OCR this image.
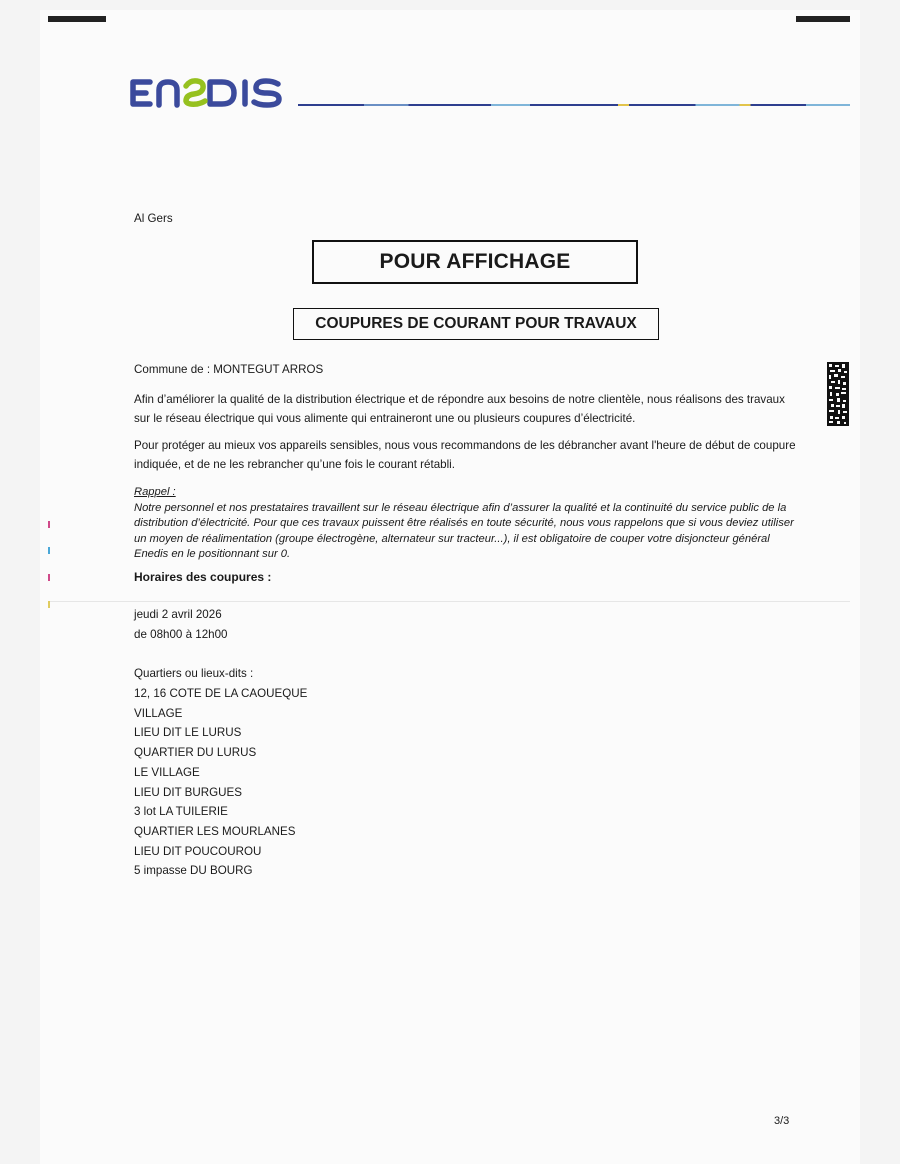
Al Gers
POUR AFFICHAGE
COUPURES DE COURANT POUR TRAVAUX
Commune de : MONTEGUT ARROS
Afin d’améliorer la qualité de la distribution électrique et de répondre aux besoins de notre clientèle, nous réalisons des travaux sur le réseau électrique qui vous alimente qui entraineront une ou plusieurs coupures d’électricité.
Pour protéger au mieux vos appareils sensibles, nous vous recommandons de les débrancher avant l'heure de début de coupure indiquée, et de ne les rebrancher qu’une fois le courant rétabli.
Rappel :
Notre personnel et nos prestataires travaillent sur le réseau électrique afin d’assurer la qualité et la continuité du service public de la distribution d’électricité. Pour que ces travaux puissent être réalisés en toute sécurité, nous vous rappelons que si vous deviez utiliser un moyen de réalimentation (groupe électrogène, alternateur sur tracteur...), il est obligatoire de couper votre disjoncteur général Enedis en le positionnant sur 0.
Horaires des coupures :
jeudi 2 avril 2026
de 08h00 à 12h00
Quartiers ou lieux-dits :
12, 16 COTE DE LA CAOUEQUE
VILLAGE
LIEU DIT LE LURUS
QUARTIER DU LURUS
LE VILLAGE
LIEU DIT BURGUES
3 lot LA TUILERIE
QUARTIER LES MOURLANES
LIEU DIT POUCOUROU
5 impasse DU BOURG
3/3
